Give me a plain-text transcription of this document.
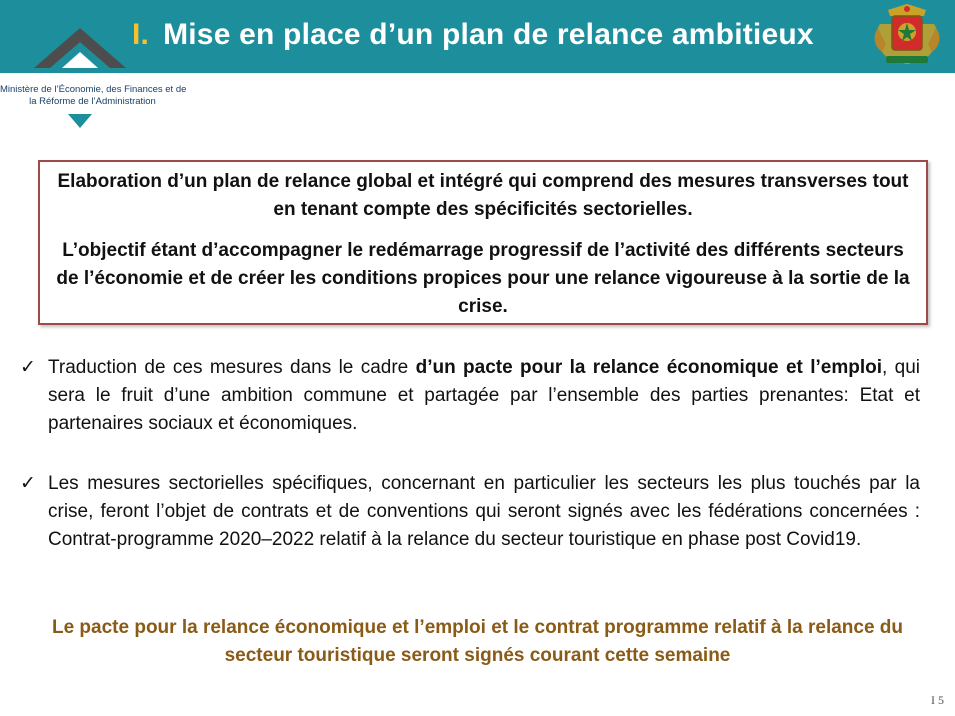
Ministère de l’Économie, des Finances et de
la Réforme de l’Administration
I. Mise en place d’un plan de relance ambitieux

Elaboration d’un plan de relance global et intégré qui comprend des mesures transverses tout en tenant compte des spécificités sectorielles.

L’objectif étant d’accompagner le redémarrage progressif de l’activité des différents secteurs de l’économie et de créer les conditions propices pour une relance vigoureuse à la sortie de la crise.

✓ Traduction de ces mesures dans le cadre d’un pacte pour la relance économique et l’emploi, qui sera le fruit d’une ambition commune et partagée par l’ensemble des parties prenantes: Etat et partenaires sociaux et économiques.
✓ Les mesures sectorielles spécifiques, concernant en particulier les secteurs les plus touchés par la crise, feront l’objet de contrats et de conventions qui seront signés avec les fédérations concernées : Contrat-programme 2020–2022 relatif à la relance du secteur touristique en phase post Covid19.
Le pacte pour la relance économique et l’emploi et le contrat programme relatif à la relance du secteur touristique seront signés courant cette semaine
I 5
